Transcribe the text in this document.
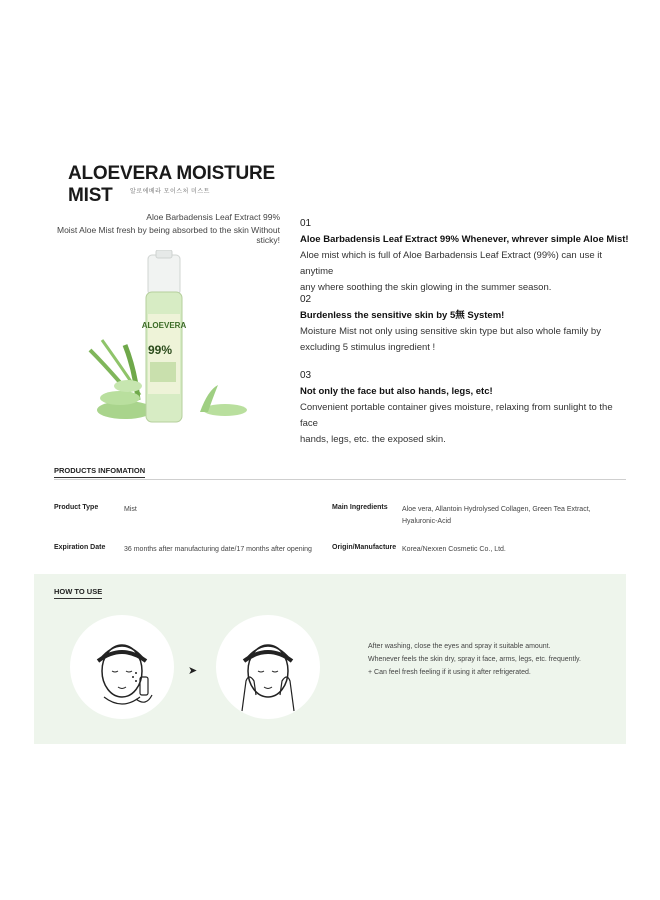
ALOEVERA MOISTURE MIST	알로에베라 모이스처 미스트
Aloe Barbadensis Leaf Extract 99%
Moist Aloe Mist fresh by being absorbed to the skin Without sticky!
ALOEVERA
99%
01
Aloe Barbadensis Leaf Extract 99% Whenever, whrever simple Aloe Mist!
Aloe mist which is full of Aloe Barbadensis Leaf Extract (99%) can use it anytime
any where soothing the skin glowing in the summer season.
02
Burdenless the sensitive skin by 5無 System!
Moisture Mist not only using sensitive skin type but also whole family by
excluding 5 stimulus ingredient !
03
Not only the face but also hands, legs, etc!
Convenient portable container gives moisture, relaxing from sunlight to the face
hands, legs, etc. the exposed skin.
PRODUCTS INFOMATION
Product Type	Mist	Main Ingredients Aloe vera, Allantoin Hydrolysed Collagen, Green Tea Extract,
Hyaluronic-Acid
Expiration Date	36 months after manufacturing date/17 months after opening	Origin/Manufacture Korea/Nexxen Cosmetic Co., Ltd.
HOW TO USE
➤
After washing, close the eyes and spray it suitable amount.
Whenever feels the skin dry, spray it face, arms, legs, etc. frequently.
+ Can feel fresh feeling if it using it after refrigerated.
